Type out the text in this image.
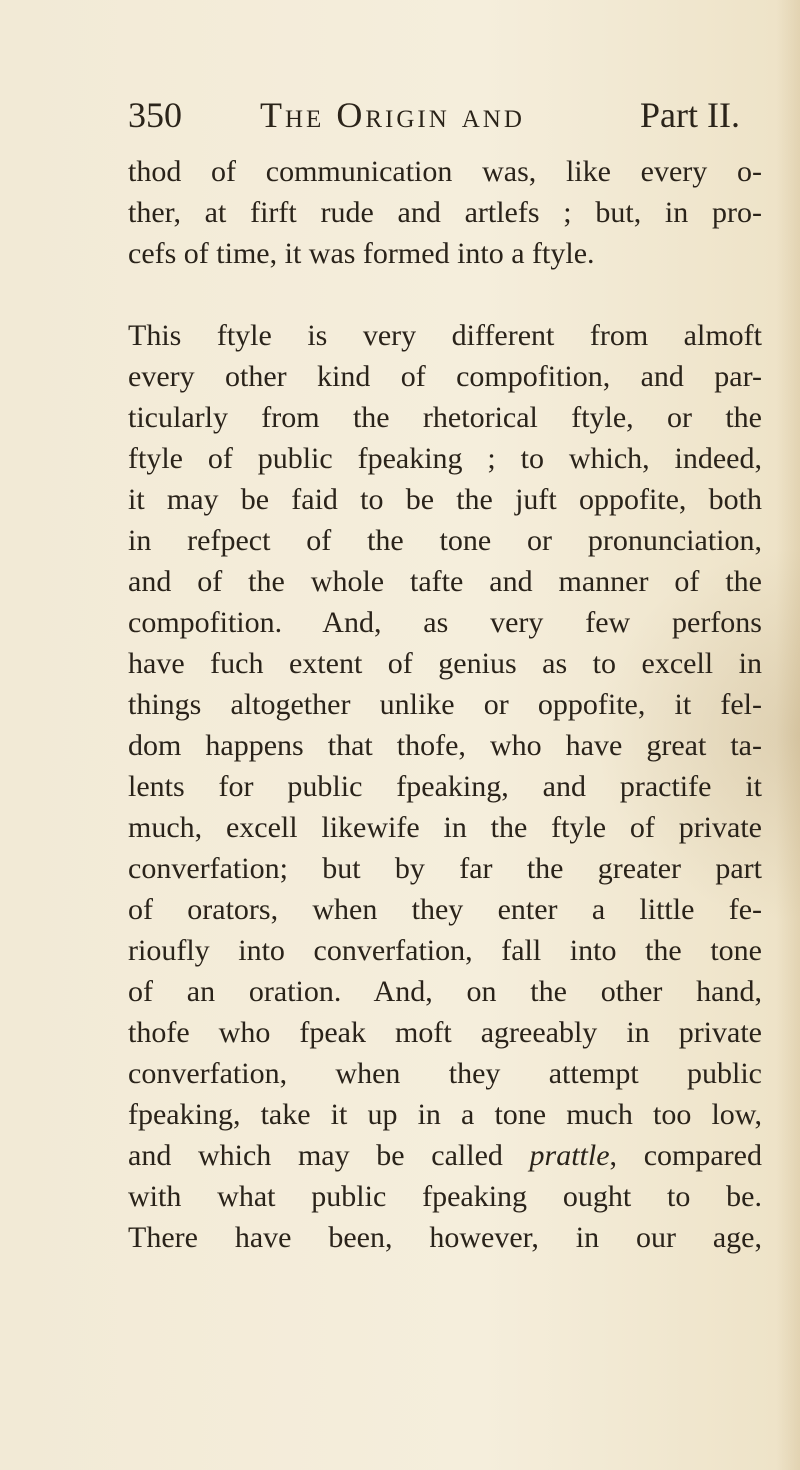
350 The Origin and	Part II.
thod of communication was, like every o-
ther, at firft rude and artlefs ; but, in pro-
cefs of time, it was formed into a ftyle.
This ftyle is very different from almoft
every other kind of compofition, and par-
ticularly from the rhetorical ftyle, or the
ftyle of public fpeaking ; to which, indeed,
it may be faid to be the juft oppofite, both
in refpect of the tone or pronunciation,
and of the whole tafte and manner of the
compofition. And, as very few perfons
have fuch extent of genius as to excell in
things altogether unlike or oppofite, it fel-
dom happens that thofe, who have great ta-
lents for public fpeaking, and practife it
much, excell likewife in the ftyle of private
converfation; but by far the greater part
of orators, when they enter a little fe-
rioufly into converfation, fall into the tone
of an oration. And, on the other hand,
thofe who fpeak moft agreeably in private
converfation, when they attempt public
fpeaking, take it up in a tone much too low,
and which may be called prattle, compared
with what public fpeaking ought to be.
There have been, however, in our age,
